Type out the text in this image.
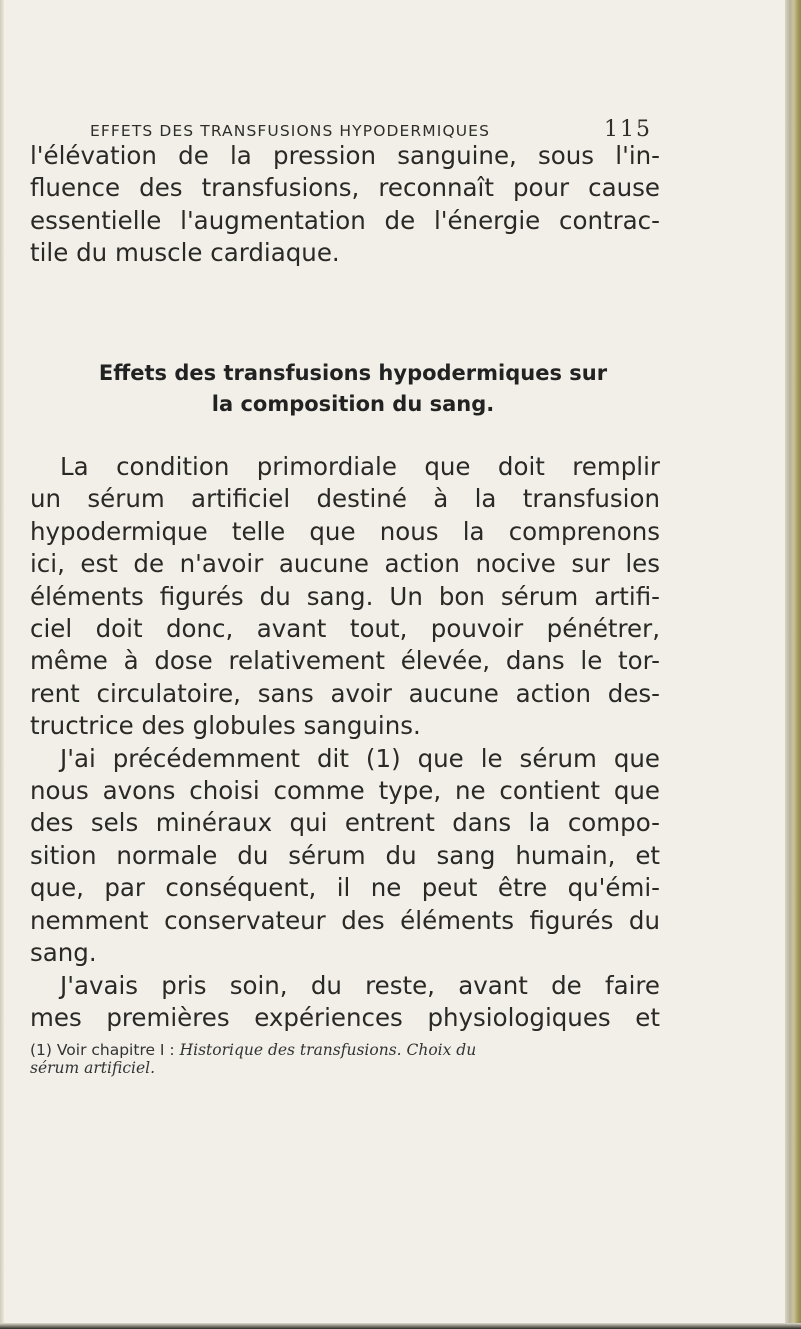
EFFETS DES TRANSFUSIONS HYPODERMIQUES	115
l'élévation de la pression sanguine, sous l'in-
fluence des transfusions, reconnaît pour cause
essentielle l'augmentation de l'énergie contrac-
tile du muscle cardiaque.
Effets des transfusions hypodermiques sur
la composition du sang.

La condition primordiale que doit remplir
un sérum artificiel destiné à la transfusion
hypodermique telle que nous la comprenons
ici, est de n'avoir aucune action nocive sur les
éléments figurés du sang. Un bon sérum artifi-
ciel doit donc, avant tout, pouvoir pénétrer,
même à dose relativement élevée, dans le tor-
rent circulatoire, sans avoir aucune action des-
tructrice des globules sanguins.

J'ai précédemment dit (1) que le sérum que
nous avons choisi comme type, ne contient que
des sels minéraux qui entrent dans la compo-
sition normale du sérum du sang humain, et
que, par conséquent, il ne peut être qu'émi-
nemment conservateur des éléments figurés du
sang.

J'avais pris soin, du reste, avant de faire
mes premières expériences physiologiques et

(1) Voir chapitre I : Historique des transfusions. Choix du
sérum artificiel.
